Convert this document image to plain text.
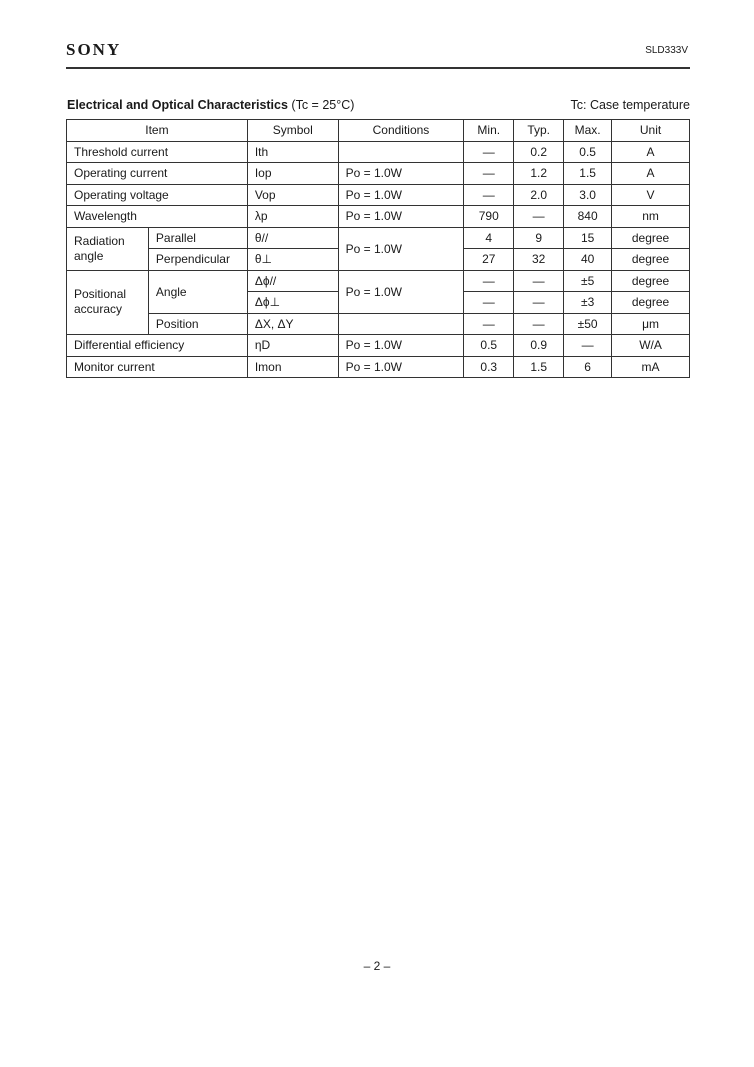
SONY	SLD333V
Electrical and Optical Characteristics (Tc = 25°C)	Tc: Case temperature
Item		Symbol	Conditions	Min.	Typ.	Max.	Unit
Threshold current		Ith		—	0.2	0.5	A
Operating current		Iop	Po = 1.0W	—	1.2	1.5	A
Operating voltage		Vop	Po = 1.0W	—	2.0	3.0	V
Wavelength		λp	Po = 1.0W	790	—	840	nm
Radiation angle	Parallel	θ//	Po = 1.0W	4	9	15	degree
	Perpendicular	θ⊥		27	32	40	degree
Positional accuracy	Angle	Δϕ//	Po = 1.0W	—	—	±5	degree
		Δϕ⊥		—	—	±3	degree
	Position	ΔX, ΔY		—	—	±50	μm
Differential efficiency		ηD	Po = 1.0W	0.5	0.9	—	W/A
Monitor current		Imon	Po = 1.0W	0.3	1.5	6	mA
– 2 –
